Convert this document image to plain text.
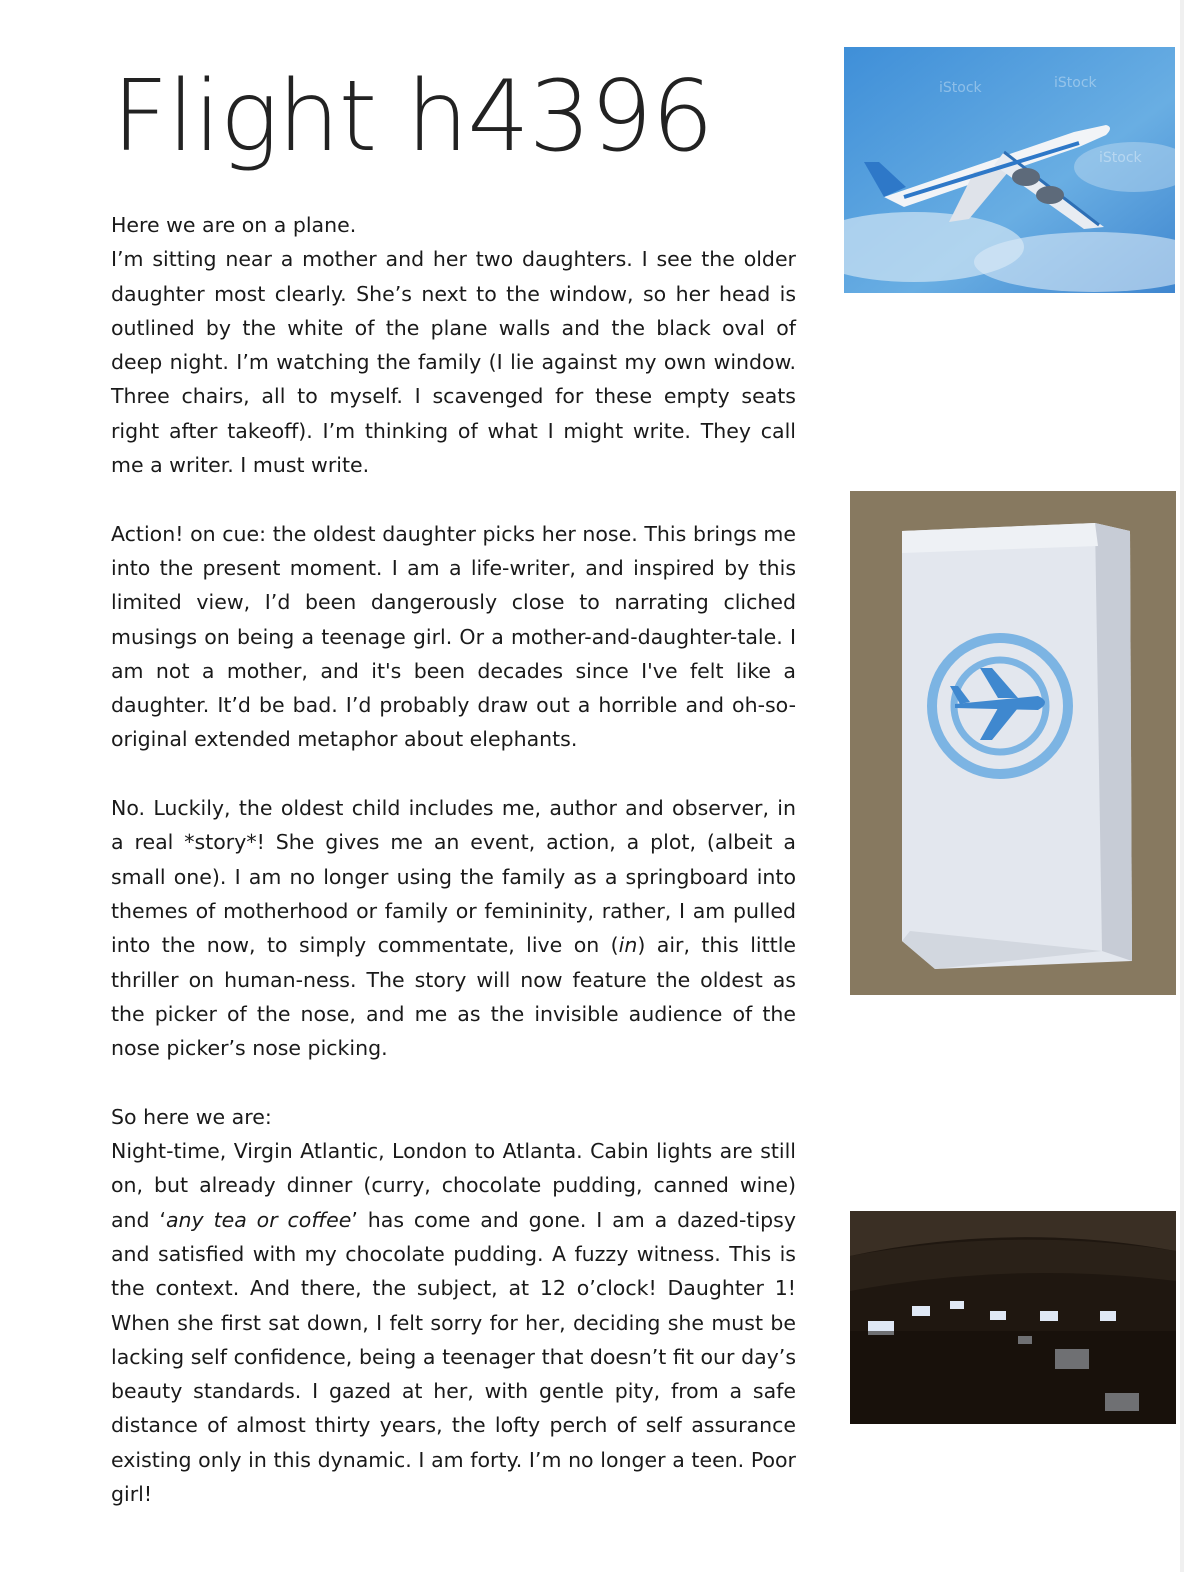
Flight h4396

Here we are on a plane.
I’m sitting near a mother and her two daughters. I see the older daughter most clearly. She’s next to the window, so her head is outlined by the white of the plane walls and the black oval of deep night. I’m watching the family (I lie against my own window. Three chairs, all to myself. I scavenged for these empty seats right after takeoff). I’m thinking of what I might write. They call me a writer. I must write.

Action! on cue: the oldest daughter picks her nose. This brings me into the present moment. I am a life-writer, and inspired by this limited view, I’d been dangerously close to narrating cliched musings on being a teenage girl. Or a mother-and-daughter-tale. I am not a mother, and it's been decades since I've felt like a daughter. It’d be bad. I’d probably draw out a horrible and oh-so-original extended metaphor about elephants.

No. Luckily, the oldest child includes me, author and observer, in a real *story*! She gives me an event, action, a plot, (albeit a small one). I am no longer using the family as a springboard into themes of motherhood or family or femininity, rather, I am pulled into the now, to simply commentate, live on (in) air, this little thriller on human-ness. The story will now feature the oldest as the picker of the nose, and me as the invisible audience of the nose picker’s nose picking.

So here we are:
Night-time, Virgin Atlantic, London to Atlanta. Cabin lights are still on, but already dinner (curry, chocolate pudding, canned wine) and ‘any tea or coffee’ has come and gone. I am a dazed-tipsy and satisfied with my chocolate pudding. A fuzzy witness. This is the context. And there, the subject, at 12 o’clock! Daughter 1! When she first sat down, I felt sorry for her, deciding she must be lacking self confidence, being a teenager that doesn’t fit our day’s beauty standards. I gazed at her, with gentle pity, from a safe distance of almost thirty years, the lofty perch of self assurance existing only in this dynamic. I am forty. I’m no longer a teen. Poor girl!

iStock	iStock
iStock
